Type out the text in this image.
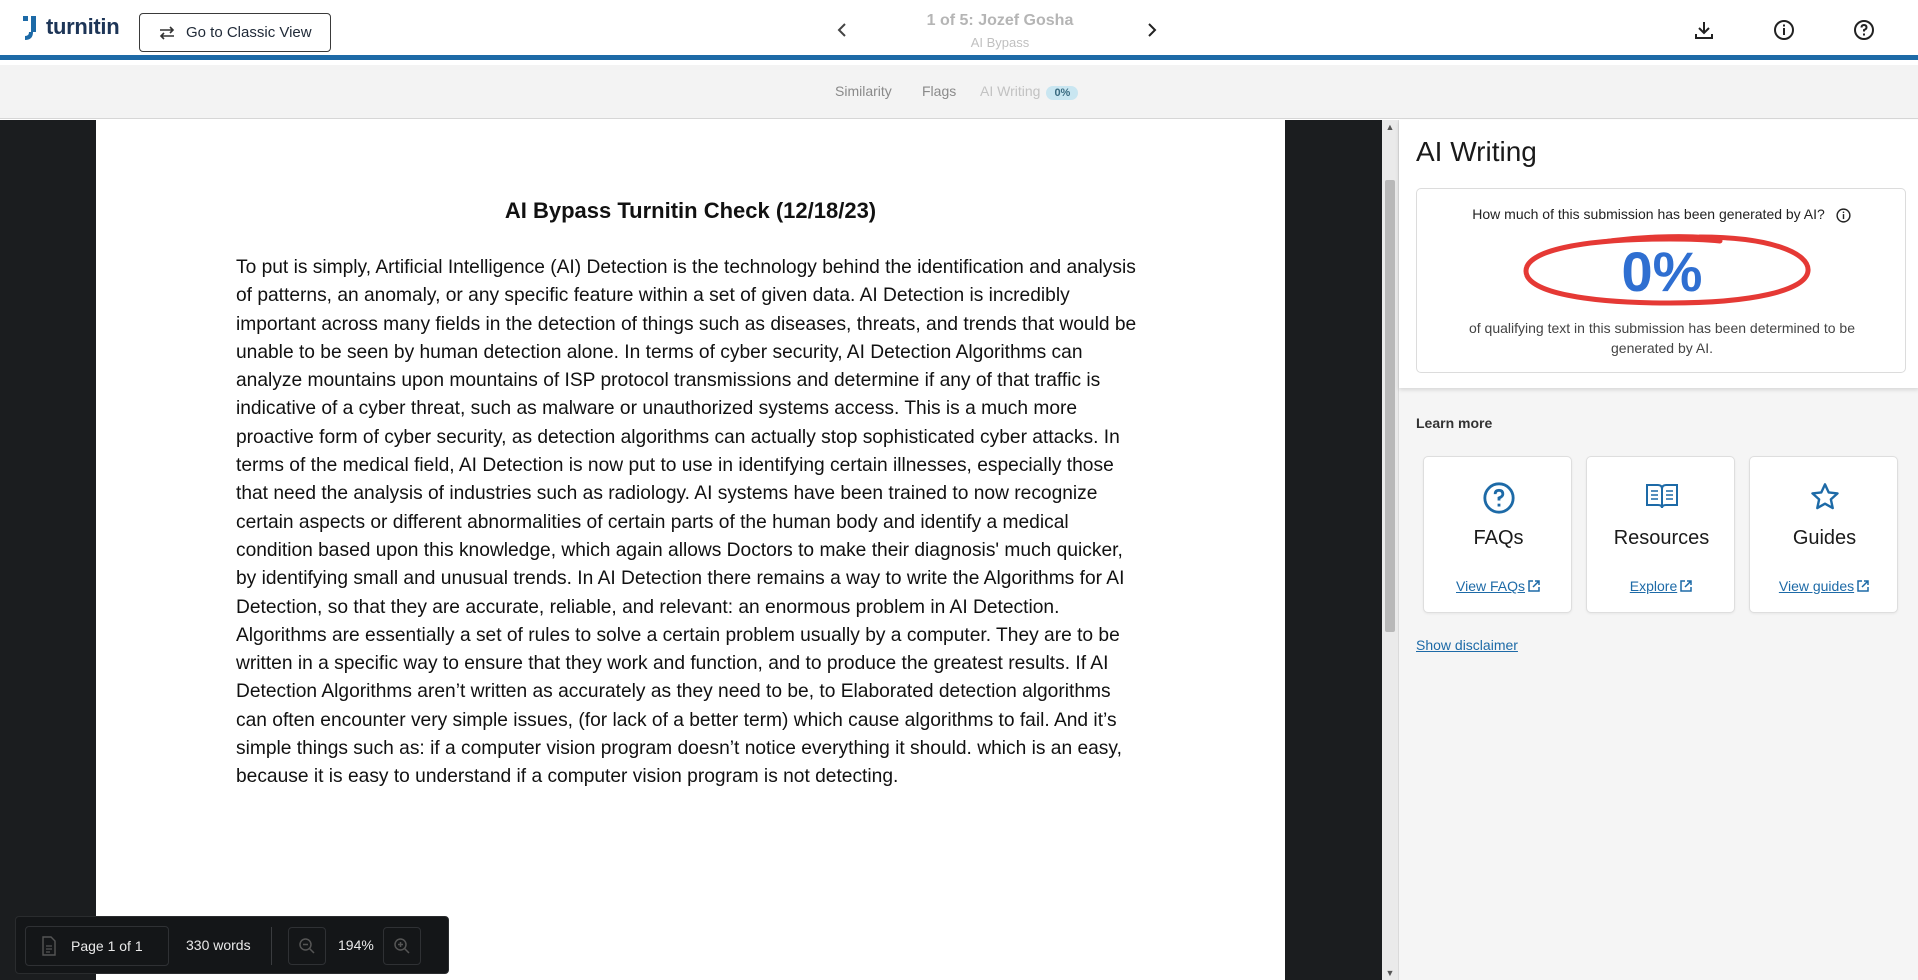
turnitin	Go to Classic View
1 of 5: Jozef Gosha
AI Bypass
Similarity Flags AI Writing 0%
AI Bypass Turnitin Check (12/18/23)
To put is simply, Artificial Intelligence (AI) Detection is the technology behind the identification and analysis of patterns, an anomaly, or any specific feature within a set of given data. AI Detection is incredibly important across many fields in the detection of things such as diseases, threats, and trends that would be unable to be seen by human detection alone. In terms of cyber security, AI Detection Algorithms can analyze mountains upon mountains of ISP protocol transmissions and determine if any of that traffic is indicative of a cyber threat, such as malware or unauthorized systems access. This is a much more proactive form of cyber security, as detection algorithms can actually stop sophisticated cyber attacks. In terms of the medical field, AI Detection is now put to use in identifying certain illnesses, especially those that need the analysis of industries such as radiology. AI systems have been trained to now recognize certain aspects or different abnormalities of certain parts of the human body and identify a medical condition based upon this knowledge, which again allows Doctors to make their diagnosis' much quicker, by identifying small and unusual trends. In AI Detection there remains a way to write the Algorithms for AI Detection, so that they are accurate, reliable, and relevant: an enormous problem in AI Detection. Algorithms are essentially a set of rules to solve a certain problem usually by a computer. They are to be written in a specific way to ensure that they work and function, and to produce the greatest results. If AI Detection Algorithms aren’t written as accurately as they need to be, to Elaborated detection algorithms can often encounter very simple issues, (for lack of a better term) which cause algorithms to fail. And it’s simple things such as: if a computer vision program doesn’t notice everything it should. which is an easy, because it is easy to understand if a computer vision program is not detecting.
▲
▼
Page 1 of 1	330 words	194%
AI Writing
How much of this submission has been generated by AI?
0%
of qualifying text in this submission has been determined to be generated by AI.
Learn more
FAQs
View FAQs
Resources
Explore
Guides
View guides
Show disclaimer
